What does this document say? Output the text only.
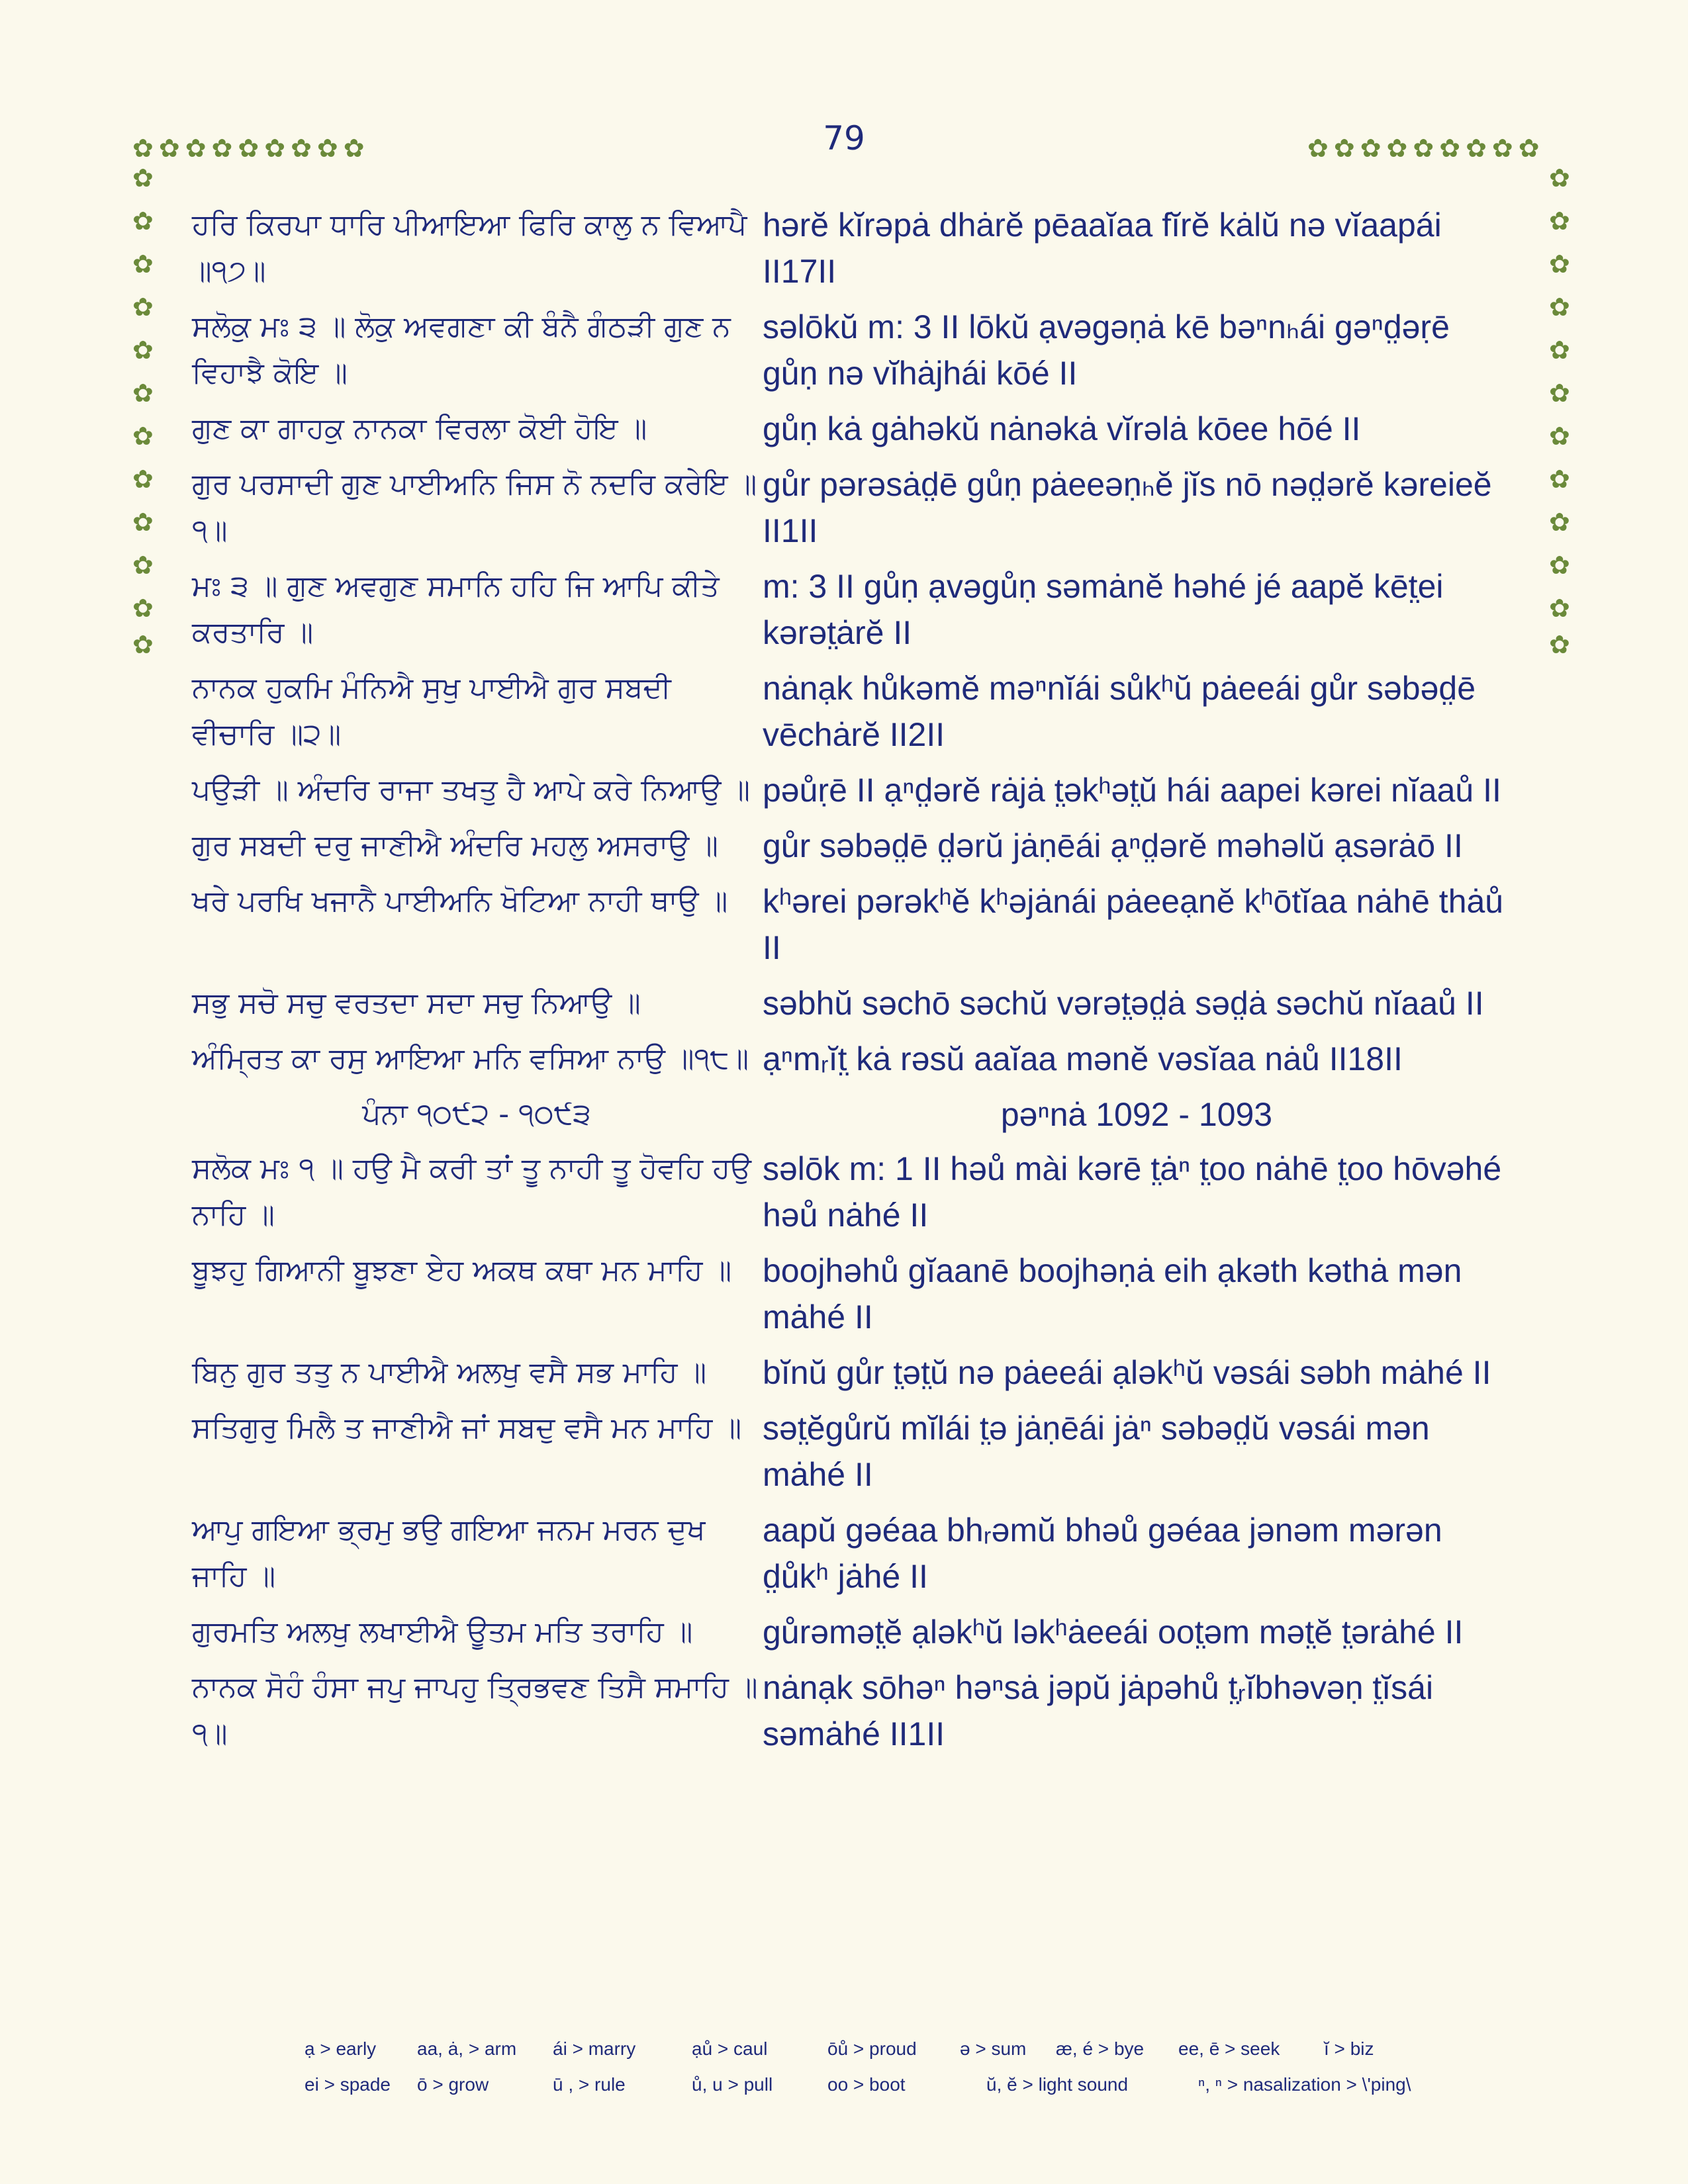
79
✿ ✿ ✿ ✿ ✿ ✿ ✿ ✿ ✿	✿ ✿ ✿ ✿ ✿ ✿ ✿ ✿ ✿
✿
✿
✿
✿
✿
✿
✿
✿
✿
✿
✿
✿
✿
✿
✿
✿
✿
✿
✿
✿
✿
✿
✿
✿
ਹਰਿ ਕਿਰਪਾ ਧਾਰਿ ਪੀਆਇਆ ਫਿਰਿ ਕਾਲੁ ਨ ਵਿਆਪੈ ॥੧੭॥
hərĕ kĭrəpȧ dhȧrĕ pēaaĭaa fĭrĕ kȧlŭ nə vĭaapái II17II
ਸਲੋਕੁ ਮਃ ੩ ॥ ਲੋਕੁ ਅਵਗਣਾ ਕੀ ਬੰਨੈ ਗੰਠੜੀ ਗੁਣ ਨ ਵਿਹਾਝੈ ਕੋਇ ॥
səlōkŭ m: 3 II lōkŭ ạvəgəṇȧ kē bəⁿnₕái gəⁿd̤əṛē gůṇ nə vĭhȧjhái kōé II
ਗੁਣ ਕਾ ਗਾਹਕੁ ਨਾਨਕਾ ਵਿਰਲਾ ਕੋਈ ਹੋਇ ॥	gůṇ kȧ gȧhəkŭ nȧnəkȧ vĭrəlȧ kōee hōé II
ਗੁਰ ਪਰਸਾਦੀ ਗੁਣ ਪਾਈਅਨਿ ਜਿਸ ਨੋ ਨਦਰਿ ਕਰੇਇ ॥੧॥
gůr pərəsȧd̤ē gůṇ pȧeeəṇₕĕ jĭs nō nəd̤ərĕ kəreieĕ II1II
ਮਃ ੩ ॥ ਗੁਣ ਅਵਗੁਣ ਸਮਾਨਿ ਹਹਿ ਜਿ ਆਪਿ ਕੀਤੇ ਕਰਤਾਰਿ ॥
m: 3 II gůṇ ạvəgůṇ səmȧnĕ həhé jé aapĕ kēt̤ei kərət̤ȧrĕ II
ਨਾਨਕ ਹੁਕਮਿ ਮੰਨਿਐ ਸੁਖੁ ਪਾਈਐ ਗੁਰ ਸਬਦੀ ਵੀਚਾਰਿ ॥੨॥
nȧnạk hůkəmĕ məⁿnĭái sůkʰŭ pȧeeái gůr səbəd̤ē vēchȧrĕ II2II
ਪਉੜੀ ॥ ਅੰਦਰਿ ਰਾਜਾ ਤਖਤੁ ਹੈ ਆਪੇ ਕਰੇ ਨਿਆਉ ॥ pəůṛē II ạⁿd̤ərĕ rȧjȧ t̤əkʰət̤ŭ hái aapei kərei nĭaaů II
ਗੁਰ ਸਬਦੀ ਦਰੁ ਜਾਣੀਐ ਅੰਦਰਿ ਮਹਲੁ ਅਸਰਾਉ ॥	gůr səbəd̤ē d̤ərŭ jȧṇēái ạⁿd̤ərĕ məhəlŭ ạsərȧō II
ਖਰੇ ਪਰਖਿ ਖਜਾਨੈ ਪਾਈਅਨਿ ਖੋਟਿਆ ਨਾਹੀ ਥਾਉ ॥	kʰərei pərəkʰĕ kʰəjȧnái pȧeeạnĕ kʰōtĭaa nȧhē thȧů II
ਸਭੁ ਸਚੋ ਸਚੁ ਵਰਤਦਾ ਸਦਾ ਸਚੁ ਨਿਆਉ ॥	səbhŭ səchō səchŭ vərət̤əd̤ȧ səd̤ȧ səchŭ nĭaaů II
ਅੰਮ੍ਰਿਤ ਕਾ ਰਸੁ ਆਇਆ ਮਨਿ ਵਸਿਆ ਨਾਉ ॥੧੮॥ ạⁿmᵣĭt̤ kȧ rəsŭ aaĭaa mənĕ vəsĭaa nȧů II18II
ਪੰਨਾ ੧੦੯੨ - ੧੦੯੩	pəⁿnȧ 1092 - 1093
ਸਲੋਕ ਮਃ ੧ ॥ ਹਉ ਮੈ ਕਰੀ ਤਾਂ ਤੂ ਨਾਹੀ ਤੂ ਹੋਵਹਿ ਹਉ ਨਾਹਿ ॥
səlōk m: 1 II həů mài kərē t̤ȧⁿ t̤oo nȧhē t̤oo hōvəhé həů nȧhé II
ਬੂਝਹੁ ਗਿਆਨੀ ਬੂਝਣਾ ਏਹ ਅਕਥ ਕਥਾ ਮਨ ਮਾਹਿ ॥ boojhəhů gĭaanē boojhəṇȧ eih ạkəth kəthȧ mən mȧhé II
ਬਿਨੁ ਗੁਰ ਤਤੁ ਨ ਪਾਈਐ ਅਲਖੁ ਵਸੈ ਸਭ ਮਾਹਿ ॥	bĭnŭ gůr t̤ət̤ŭ nə pȧeeái ạləkʰŭ vəsái səbh mȧhé II
ਸਤਿਗੁਰੁ ਮਿਲੈ ਤ ਜਾਣੀਐ ਜਾਂ ਸਬਦੁ ਵਸੈ ਮਨ ਮਾਹਿ ॥ sət̤ĕgůrŭ mĭlái t̤ə jȧṇēái jȧⁿ səbəd̤ŭ vəsái mən mȧhé II
ਆਪੁ ਗਇਆ ਭ੍ਰਮੁ ਭਉ ਗਇਆ ਜਨਮ ਮਰਨ ਦੁਖ ਜਾਹਿ ॥
aapŭ gəéaa bhᵣəmŭ bhəů gəéaa jənəm mərən d̤ůkʰ jȧhé II
ਗੁਰਮਤਿ ਅਲਖੁ ਲਖਾਈਐ ਊਤਮ ਮਤਿ ਤਰਾਹਿ ॥	gůrəmət̤ĕ ạləkʰŭ ləkʰȧeeái oot̤əm mət̤ĕ t̤ərȧhé II
ਨਾਨਕ ਸੋਹੰ ਹੰਸਾ ਜਪੁ ਜਾਪਹੁ ਤ੍ਰਿਭਵਣ ਤਿਸੈ ਸਮਾਹਿ ॥੧॥
nȧnạk sōhəⁿ həⁿsȧ jəpŭ jȧpəhů t̤ᵣĭbhəvəṇ t̤ĭsái səmȧhé II1II
ạ > early	aa, ȧ, > arm	ái > marry	ạů > caul	ōů > proud	ə > sum	æ, é > bye	ee, ē > seek	ĭ > biz
ei > spade	ō > grow	ū , > rule	ů, u > pull	oo > boot	ŭ, ĕ > light sound	ⁿ, ⁿ > nasalization > \'ping\
